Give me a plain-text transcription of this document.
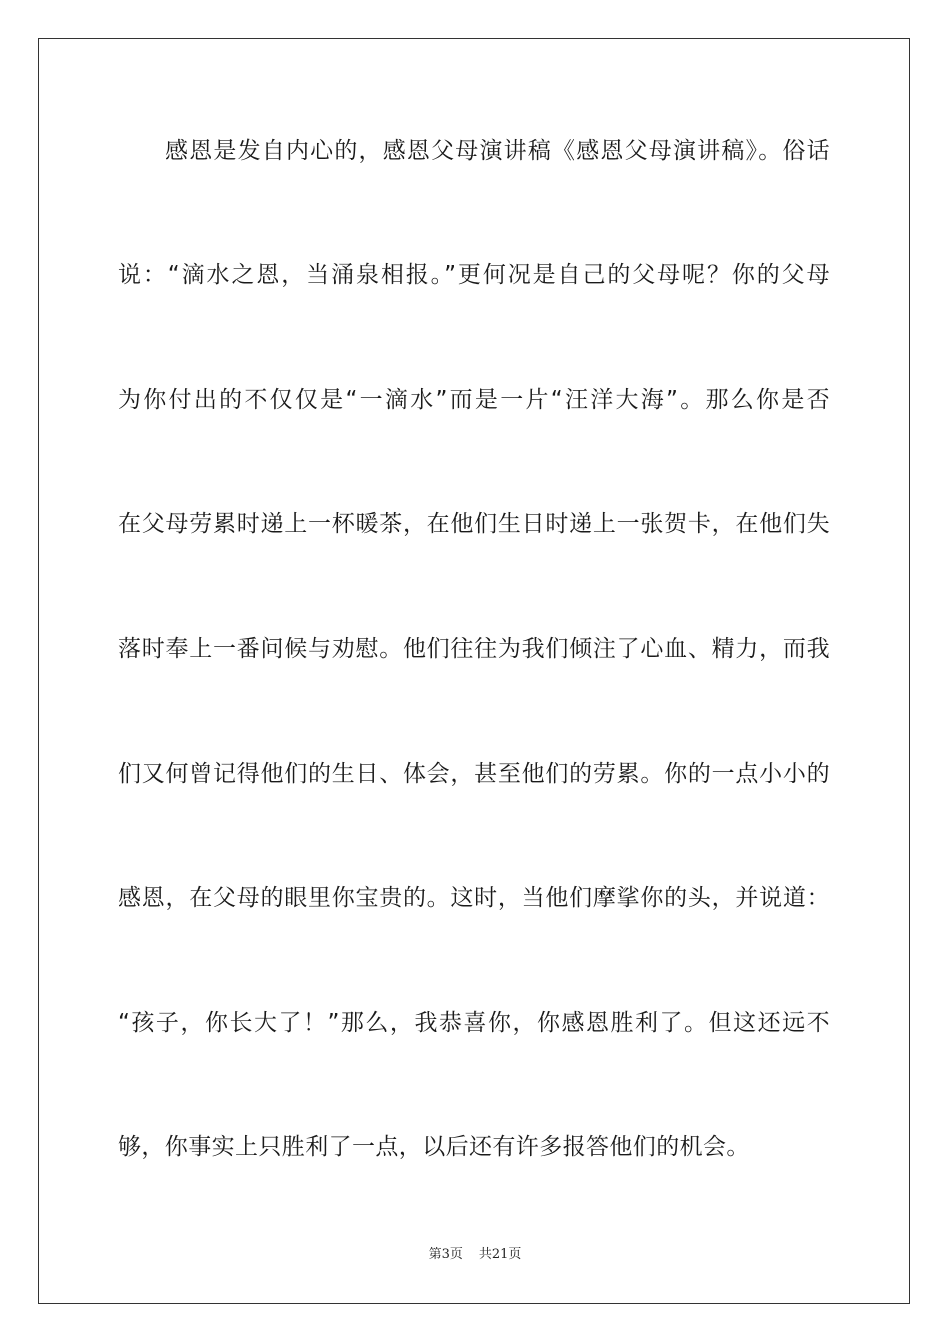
感恩是发自内心的，感恩父母演讲稿《感恩父母演讲稿》。俗话
说：“滴水之恩，当涌泉相报。”更何况是自己的父母呢？你的父母
为你付出的不仅仅是“一滴水”而是一片“汪洋大海”。那么你是否
在父母劳累时递上一杯暖茶，在他们生日时递上一张贺卡，在他们失
落时奉上一番问候与劝慰。他们往往为我们倾注了心血、精力，而我
们又何曾记得他们的生日、体会，甚至他们的劳累。你的一点小小的
感恩，在父母的眼里你宝贵的。这时，当他们摩挲你的头，并说道：
“孩子，你长大了！”那么，我恭喜你，你感恩胜利了。但这还远不
够，你事实上只胜利了一点，以后还有许多报答他们的机会。
第3页 共21页
